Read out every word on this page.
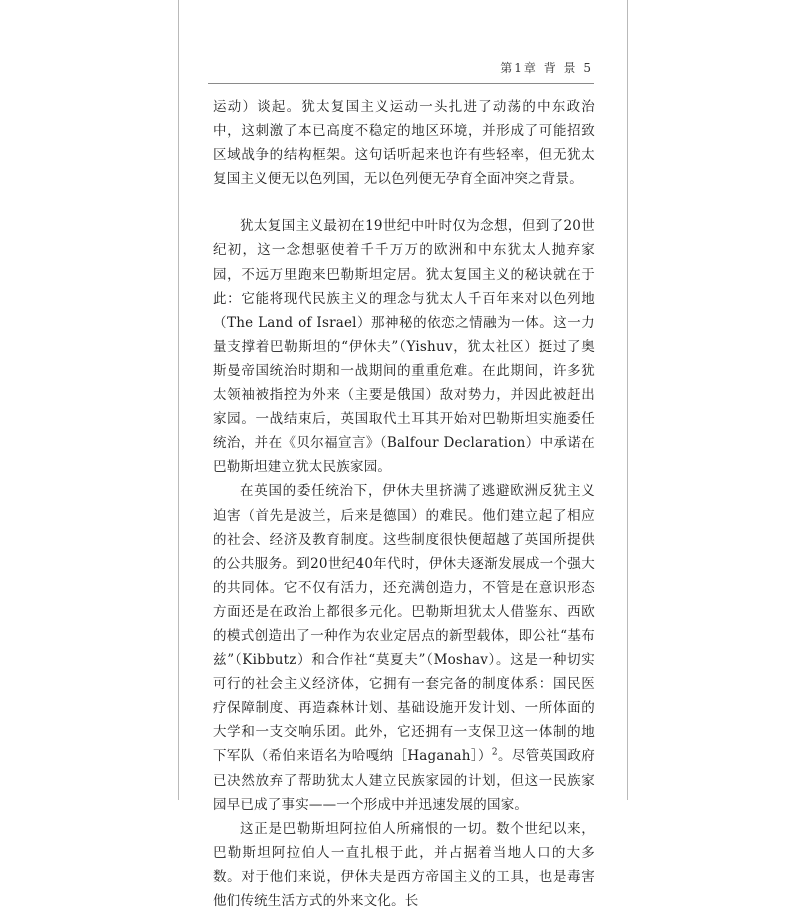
第1章 背 景 5

运动）谈起。犹太复国主义运动一头扎进了动荡的中东政治中，这刺激了本已高度不稳定的地区环境，并形成了可能招致区域战争的结构框架。这句话听起来也许有些轻率，但无犹太复国主义便无以色列国，无以色列便无孕育全面冲突之背景。

犹太复国主义最初在19世纪中叶时仅为念想，但到了20世纪初，这一念想驱使着千千万万的欧洲和中东犹太人抛弃家园，不远万里跑来巴勒斯坦定居。犹太复国主义的秘诀就在于此：它能将现代民族主义的理念与犹太人千百年来对以色列地（The Land of Israel）那神秘的依恋之情融为一体。这一力量支撑着巴勒斯坦的“伊休夫”（Yishuv，犹太社区）挺过了奥斯曼帝国统治时期和一战期间的重重危难。在此期间，许多犹太领袖被指控为外来（主要是俄国）敌对势力，并因此被赶出家园。一战结束后，英国取代土耳其开始对巴勒斯坦实施委任统治，并在《贝尔福宣言》（Balfour Declaration）中承诺在巴勒斯坦建立犹太民族家园。

在英国的委任统治下，伊休夫里挤满了逃避欧洲反犹主义迫害（首先是波兰，后来是德国）的难民。他们建立起了相应的社会、经济及教育制度。这些制度很快便超越了英国所提供的公共服务。到20世纪40年代时，伊休夫逐渐发展成一个强大的共同体。它不仅有活力，还充满创造力，不管是在意识形态方面还是在政治上都很多元化。巴勒斯坦犹太人借鉴东、西欧的模式创造出了一种作为农业定居点的新型载体，即公社“基布兹”（Kibbutz）和合作社“莫夏夫”（Moshav）。这是一种切实可行的社会主义经济体，它拥有一套完备的制度体系：国民医疗保障制度、再造森林计划、基础设施开发计划、一所体面的大学和一支交响乐团。此外，它还拥有一支保卫这一体制的地下军队（希伯来语名为哈嘎纳［Haganah］）$^2$。尽管英国政府已决然放弃了帮助犹太人建立民族家园的计划，但这一民族家园早已成了事实——一个形成中并迅速发展的国家。

这正是巴勒斯坦阿拉伯人所痛恨的一切。数个世纪以来，巴勒斯坦阿拉伯人一直扎根于此，并占据着当地人口的大多数。对于他们来说，伊休夫是西方帝国主义的工具，也是毒害他们传统生活方式的外来文化。长
